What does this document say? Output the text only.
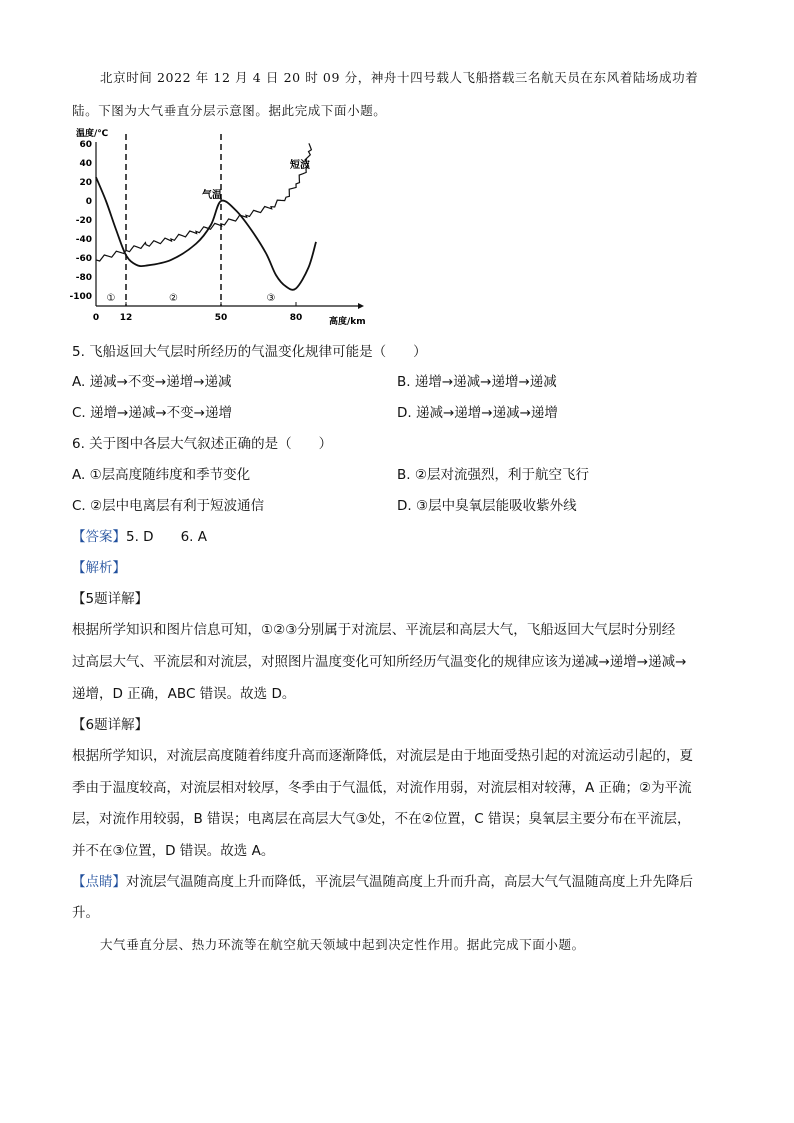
北京时间 2022 年 12 月 4 日 20 时 09 分，神舟十四号载人飞船搭载三名航天员在东风着陆场成功着
陆。下图为大气垂直分层示意图。据此完成下面小题。
温度/℃
高度/km
60
40
20
0
-20
-40
-60
-80
-100
0 12	50	80
①	②	③
气温
短波
5. 飞船返回大气层时所经历的气温变化规律可能是（　　）
A. 递减→不变→递增→递减	B. 递增→递减→递增→递减
C. 递增→递减→不变→递增	D. 递减→递增→递减→递增
6. 关于图中各层大气叙述正确的是（　　）
A. ①层高度随纬度和季节变化	B. ②层对流强烈，利于航空飞行
C. ②层中电离层有利于短波通信	D. ③层中臭氧层能吸收紫外线
【答案】5. D　　6. A
【解析】
【5题详解】
根据所学知识和图片信息可知，①②③分别属于对流层、平流层和高层大气，飞船返回大气层时分别经
过高层大气、平流层和对流层，对照图片温度变化可知所经历气温变化的规律应该为递减→递增→递减→
递增，D 正确，ABC 错误。故选 D。
【6题详解】
根据所学知识，对流层高度随着纬度升高而逐渐降低，对流层是由于地面受热引起的对流运动引起的，夏
季由于温度较高，对流层相对较厚，冬季由于气温低，对流作用弱，对流层相对较薄，A 正确；②为平流
层，对流作用较弱，B 错误；电离层在高层大气③处，不在②位置，C 错误；臭氧层主要分布在平流层，
并不在③位置，D 错误。故选 A。
【点睛】对流层气温随高度上升而降低，平流层气温随高度上升而升高，高层大气气温随高度上升先降后
升。
大气垂直分层、热力环流等在航空航天领域中起到决定性作用。据此完成下面小题。
